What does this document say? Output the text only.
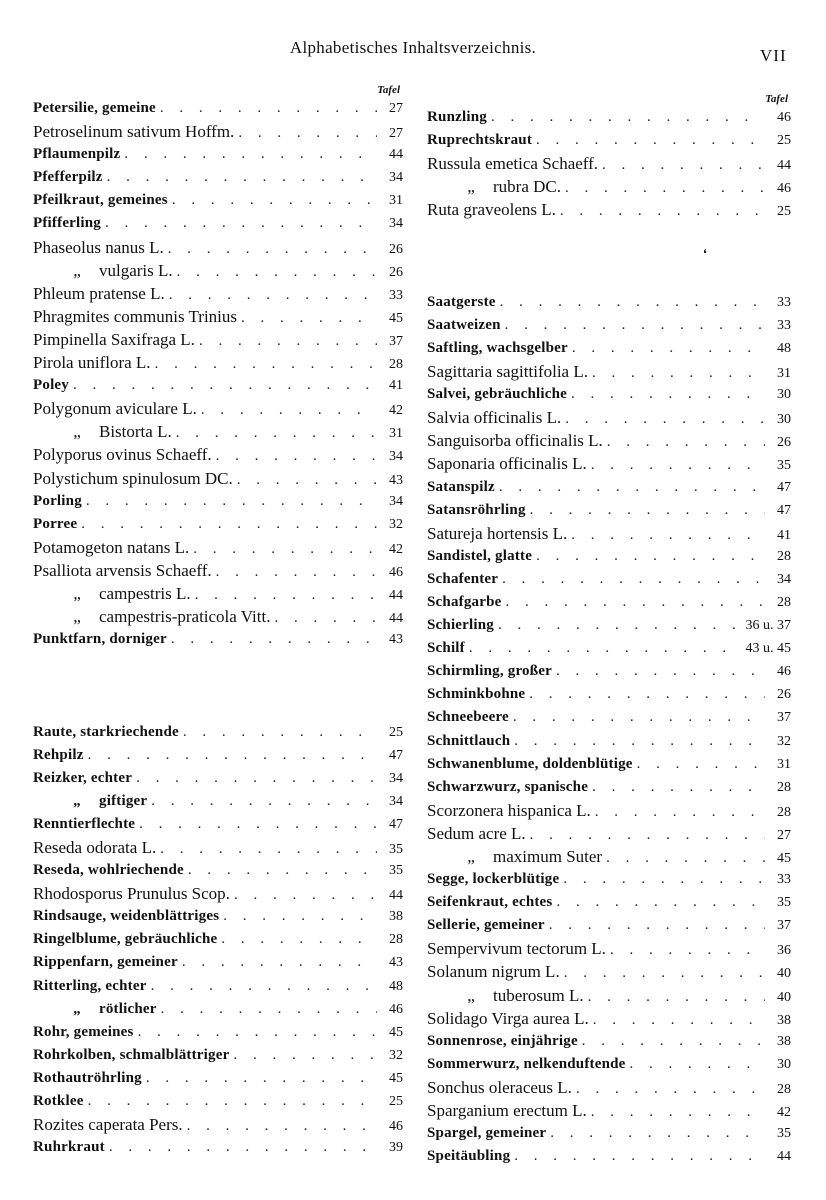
Alphabetisches Inhaltsverzeichnis.	VII
Tafel
Petersilie, gemeine . . .	27
Petroselinum sativum Hoffm. . . .	27
Pflaumenpilz . . .	44
Pfefferpilz . . .	34
Pfeilkraut, gemeines . . .	31
Pfifferling . . .	34
Phaseolus nanus L. . . .	26
„ vulgaris L. . . .	26
Phleum pratense L. . . .	33
Phragmites communis Trinius . . .	45
Pimpinella Saxifraga L. . . .	37
Pirola uniflora L. . . .	28
Poley . . .	41
Polygonum aviculare L. . . .	42
„ Bistorta L. . . .	31
Polyporus ovinus Schaeff. . . .	34
Polystichum spinulosum DC. . . .	43
Porling . . .	34
Porree . . .	32
Potamogeton natans L. . . .	42
Psalliota arvensis Schaeff. . . .	46
„ campestris L. . . .	44
„ campestris-praticola Vitt. . . .	44
Punktfarn, dorniger . . .	43
Raute, starkriechende . . .	25
Rehpilz . . .	47
Reizker, echter . . .	34
„ giftiger . . .	34
Renntierflechte . . .	47
Reseda odorata L. . . .	35
Reseda, wohlriechende . . .	35
Rhodosporus Prunulus Scop. . . .	44
Rindsauge, weidenblättriges . . .	38
Ringelblume, gebräuchliche . . .	28
Rippenfarn, gemeiner . . .	43
Ritterling, echter . . .	48
„ rötlicher . . .	46
Rohr, gemeines . . .	45
Rohrkolben, schmalblättriger . . .	32
Rothautröhrling . . .	45
Rotklee . . .	25
Rozites caperata Pers. . . .	46
Ruhrkraut . . .	39
Tafel
Runzling . . .	46
Ruprechtskraut . . .	25
Russula emetica Schaeff. . . .	44
„ rubra DC. . . .	46
Ruta graveolens L. . . .	25
Saatgerste . . .	33
Saatweizen . . .	33
Saftling, wachsgelber . . .	48
Sagittaria sagittifolia L. . . .	31
Salvei, gebräuchliche . . .	30
Salvia officinalis L. . . .	30
Sanguisorba officinalis L. . . .	26
Saponaria officinalis L. . . .	35
Satanspilz . . .	47
Satansröhrling . . .	47
Satureja hortensis L. . . .	41
Sandistel, glatte . . .	28
Schafenter . . .	34
Schafgarbe . . .	28
Schierling . . .	36 u. 37
Schilf . . .	43 u. 45
Schirmling, großer . . .	46
Schminkbohne . . .	26
Schneebeere . . .	37
Schnittlauch . . .	32
Schwanenblume, doldenblütige . . .	31
Schwarzwurz, spanische . . .	28
Scorzonera hispanica L. . . .	28
Sedum acre L. . . .	27
„ maximum Suter . . .	45
Segge, lockerblütige . . .	33
Seifenkraut, echtes . . .	35
Sellerie, gemeiner . . .	37
Sempervivum tectorum L. . . .	36
Solanum nigrum L. . . .	40
„ tuberosum L. . . .	40
Solidago Virga aurea L. . . .	38
Sonnenrose, einjährige . . .	38
Sommerwurz, nelkenduftende . . .	30
Sonchus oleraceus L. . . .	28
Sparganium erectum L. . . .	42
Spargel, gemeiner . . .	35
Speitäubling . . .	44
❛
